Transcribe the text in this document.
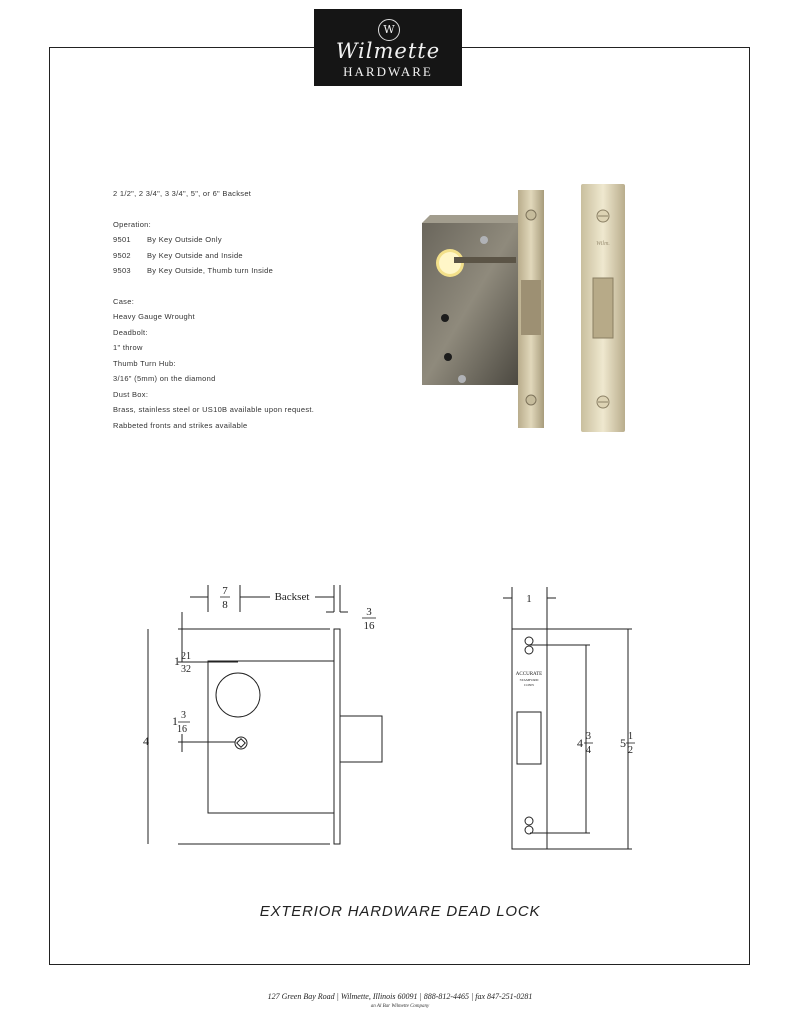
W
Wilmette
HARDWARE
2 1/2", 2 3/4", 3 3/4", 5", or 6" Backset
Operation:
9501	By Key Outside Only
9502	By Key Outside and Inside
9503	By Key Outside, Thumb turn Inside
Case:
Heavy Gauge Wrought
Deadbolt:
1" throw
Thumb Turn Hub:
3/16" (5mm) on the diamond
Dust Box:
Brass, stainless steel or US10B available upon request.
Rabbeted fronts and strikes available
Wilm.
7
8
Backset
3
16
1 21
32
1 3
16
4
1
ACCURATE
STAMFORD
CONN
4 3
4
5 1
2
EXTERIOR HARDWARE DEAD LOCK
127 Green Bay Road | Wilmette, Illinois 60091 | 888-812-4465 | fax 847-251-0281
an Al Bar Wilmette Company
